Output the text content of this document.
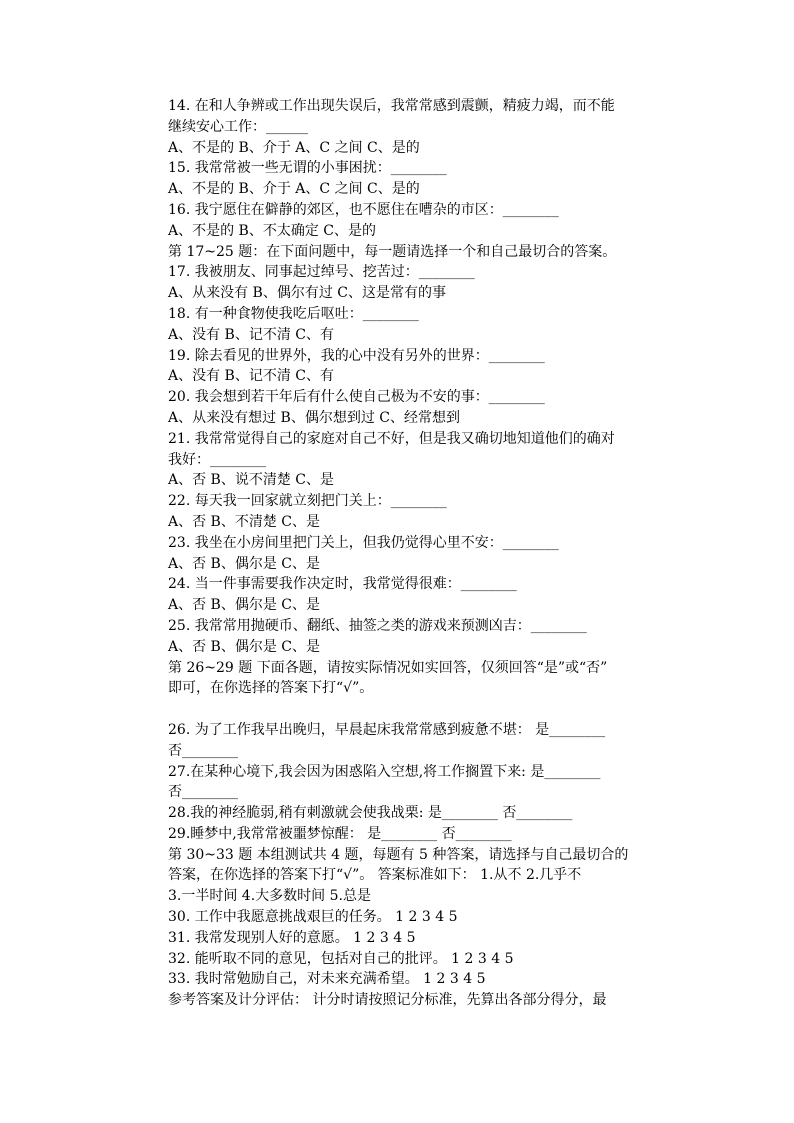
14. 在和人争辨或工作出现失误后，我常常感到震颤，精疲力竭，而不能
继续安心工作：______
A、不是的 B、介于 A、C 之间 C、是的
15. 我常常被一些无谓的小事困扰：________
A、不是的 B、介于 A、C 之间 C、是的
16. 我宁愿住在僻静的郊区，也不愿住在嘈杂的市区：________
A、不是的 B、不太确定 C、是的
第 17~25 题：在下面问题中，每一题请选择一个和自己最切合的答案。
17. 我被朋友、同事起过绰号、挖苦过：________
A、从来没有 B、偶尔有过 C、这是常有的事
18. 有一种食物使我吃后呕吐：________
A、没有 B、记不清 C、有
19. 除去看见的世界外，我的心中没有另外的世界：________
A、没有 B、记不清 C、有
20. 我会想到若干年后有什么使自己极为不安的事：________
A、从来没有想过 B、偶尔想到过 C、经常想到
21. 我常常觉得自己的家庭对自己不好，但是我又确切地知道他们的确对
我好：________
A、否 B、说不清楚 C、是
22. 每天我一回家就立刻把门关上：________
A、否 B、不清楚 C、是
23. 我坐在小房间里把门关上，但我仍觉得心里不安：________
A、否 B、偶尔是 C、是
24. 当一件事需要我作决定时，我常觉得很难：________
A、否 B、偶尔是 C、是
25. 我常常用抛硬币、翻纸、抽签之类的游戏来预测凶吉：________
A、否 B、偶尔是 C、是
第 26~29 题 下面各题，请按实际情况如实回答，仅须回答“是”或“否”
即可，在你选择的答案下打“√”。
26. 为了工作我早出晚归，早晨起床我常常感到疲惫不堪： 是________
否________
27.在某种心境下,我会因为困惑陷入空想,将工作搁置下来: 是________
否________
28.我的神经脆弱,稍有刺激就会使我战栗: 是________ 否________
29.睡梦中,我常常被噩梦惊醒： 是________ 否________
第 30~33 题 本组测试共 4 题，每题有 5 种答案，请选择与自己最切合的
答案，在你选择的答案下打“√”。 答案标准如下： 1.从不 2.几乎不
3.一半时间 4.大多数时间 5.总是
30. 工作中我愿意挑战艰巨的任务。 1 2 3 4 5
31. 我常发现别人好的意愿。 1 2 3 4 5
32. 能听取不同的意见，包括对自己的批评。 1 2 3 4 5
33. 我时常勉励自己，对未来充满希望。 1 2 3 4 5
参考答案及计分评估： 计分时请按照记分标准，先算出各部分得分，最
